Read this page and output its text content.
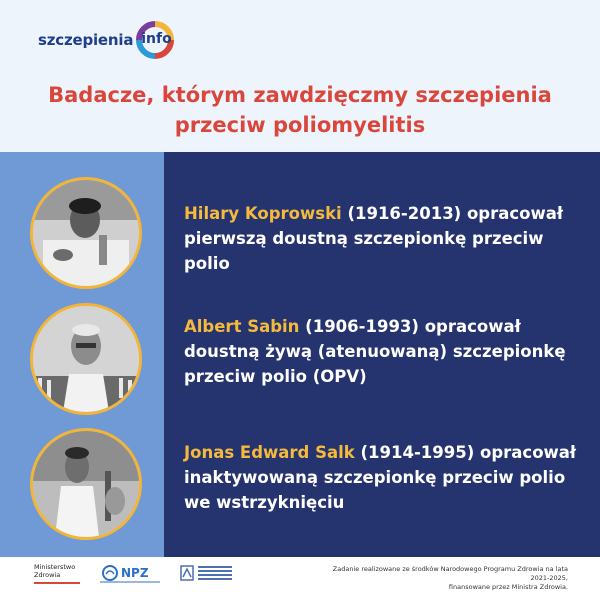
szczepienia info
Badacze, którym zawdzięczmy szczepienia
przeciw poliomyelitis
Hilary Koprowski (1916-2013) opracował pierwszą doustną szczepionkę przeciw polio
Albert Sabin (1906-1993) opracował doustną żywą (atenuowaną) szczepionkę przeciw polio (OPV)
Jonas Edward Salk (1914-1995) opracował inaktywowaną szczepionkę przeciw polio we wstrzyknięciu
Ministerstwo
Zdrowia	NPZ	Zadanie realizowane ze środków Narodowego Programu Zdrowia na lata 2021-2025,
finansowane przez Ministra Zdrowia.
